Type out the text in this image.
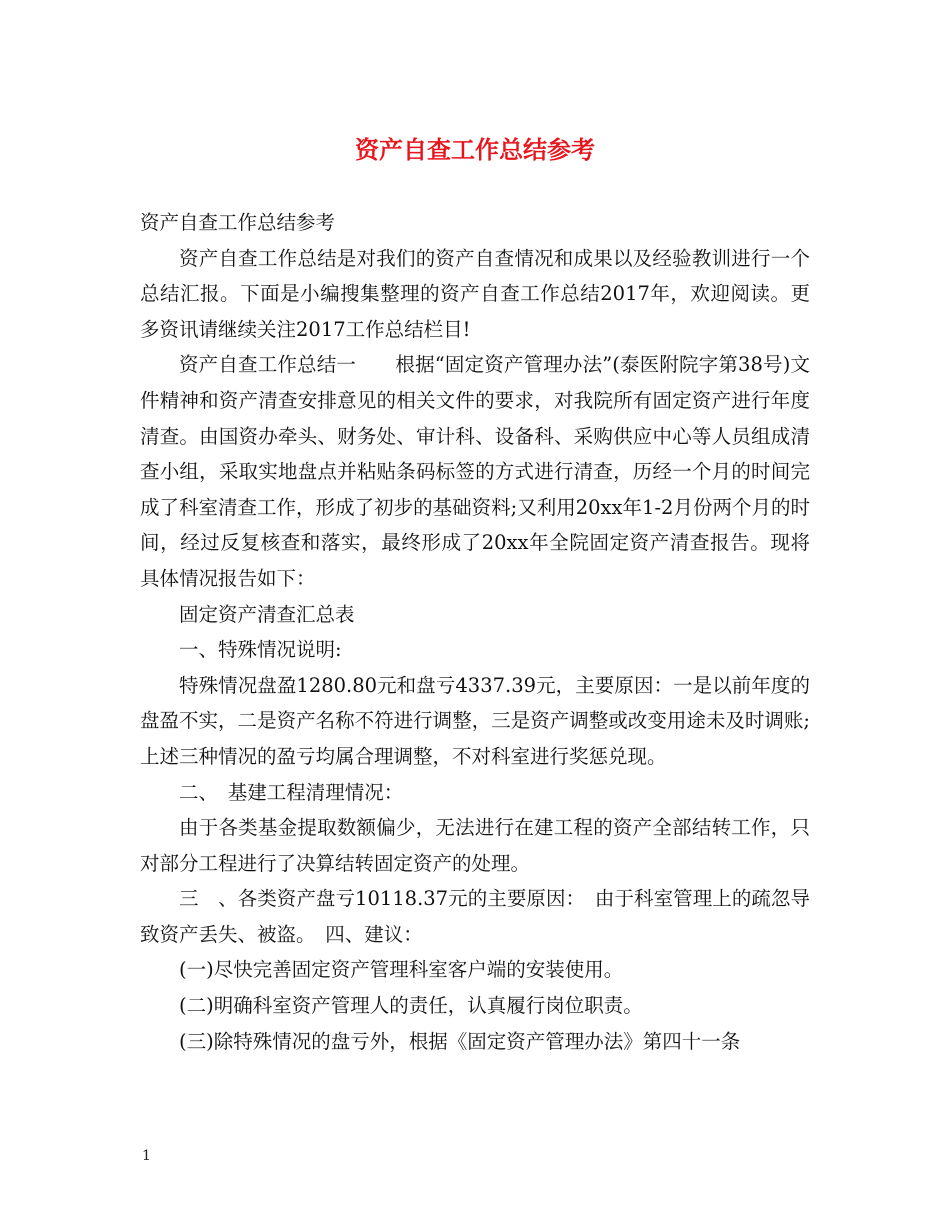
资产自查工作总结参考

资产自查工作总结参考

资产自查工作总结是对我们的资产自查情况和成果以及经验教训进行一个总结汇报。下面是小编搜集整理的资产自查工作总结2017年，欢迎阅读。更多资讯请继续关注2017工作总结栏目!

资产自查工作总结一　　根据“固定资产管理办法”(泰医附院字第38号)文件精神和资产清查安排意见的相关文件的要求，对我院所有固定资产进行年度清查。由国资办牵头、财务处、审计科、设备科、采购供应中心等人员组成清查小组，采取实地盘点并粘贴条码标签的方式进行清查，历经一个月的时间完成了科室清查工作，形成了初步的基础资料;又利用20xx年1-2月份两个月的时间，经过反复核查和落实，最终形成了20xx年全院固定资产清查报告。现将具体情况报告如下：

固定资产清查汇总表

一、特殊情况说明:

特殊情况盘盈1280.80元和盘亏4337.39元，主要原因：一是以前年度的盘盈不实，二是资产名称不符进行调整，三是资产调整或改变用途未及时调账;上述三种情况的盈亏均属合理调整，不对科室进行奖惩兑现。

二、　基建工程清理情况：

由于各类基金提取数额偏少，无法进行在建工程的资产全部结转工作，只对部分工程进行了决算结转固定资产的处理。

三　、各类资产盘亏10118.37元的主要原因：　由于科室管理上的疏忽导致资产丢失、被盗。　四、建议：

(一)尽快完善固定资产管理科室客户端的安装使用。

(二)明确科室资产管理人的责任，认真履行岗位职责。

(三)除特殊情况的盘亏外，根据《固定资产管理办法》第四十一条

1
